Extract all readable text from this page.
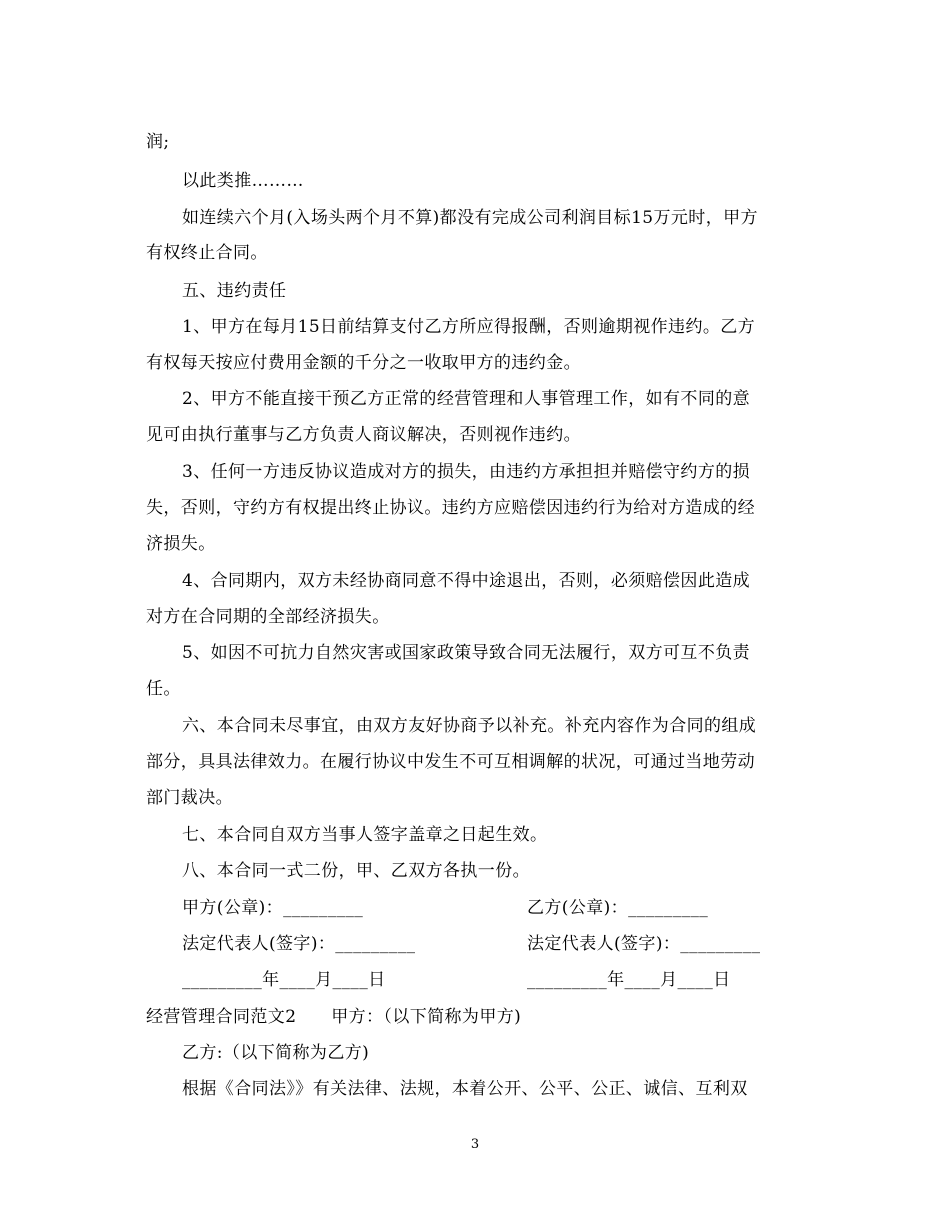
润;
以此类推………
如连续六个月(入场头两个月不算)都没有完成公司利润目标15万元时，甲方
有权终止合同。
五、违约责任
1、甲方在每月15日前结算支付乙方所应得报酬，否则逾期视作违约。乙方
有权每天按应付费用金额的千分之一收取甲方的违约金。
2、甲方不能直接干预乙方正常的经营管理和人事管理工作，如有不同的意
见可由执行董事与乙方负责人商议解决，否则视作违约。
3、任何一方违反协议造成对方的损失，由违约方承担担并赔偿守约方的损
失，否则，守约方有权提出终止协议。违约方应赔偿因违约行为给对方造成的经
济损失。
4、合同期内，双方未经协商同意不得中途退出，否则，必须赔偿因此造成
对方在合同期的全部经济损失。
5、如因不可抗力自然灾害或国家政策导致合同无法履行，双方可互不负责
任。
六、本合同未尽事宜，由双方友好协商予以补充。补充内容作为合同的组成
部分，具具法律效力。在履行协议中发生不可互相调解的状况，可通过当地劳动
部门裁决。
七、本合同自双方当事人签字盖章之日起生效。
八、本合同一式二份，甲、乙双方各执一份。
甲方(公章)：_________	乙方(公章)：_________
法定代表人(签字)：_________	法定代表人(签字)：_________
_________年____月____日	_________年____月____日
经营管理合同范文2　　甲方：（以下简称为甲方)
乙方:（以下简称为乙方)
根据《合同法》》有关法律、法规，本着公开、公平、公正、诚信、互利双
3
